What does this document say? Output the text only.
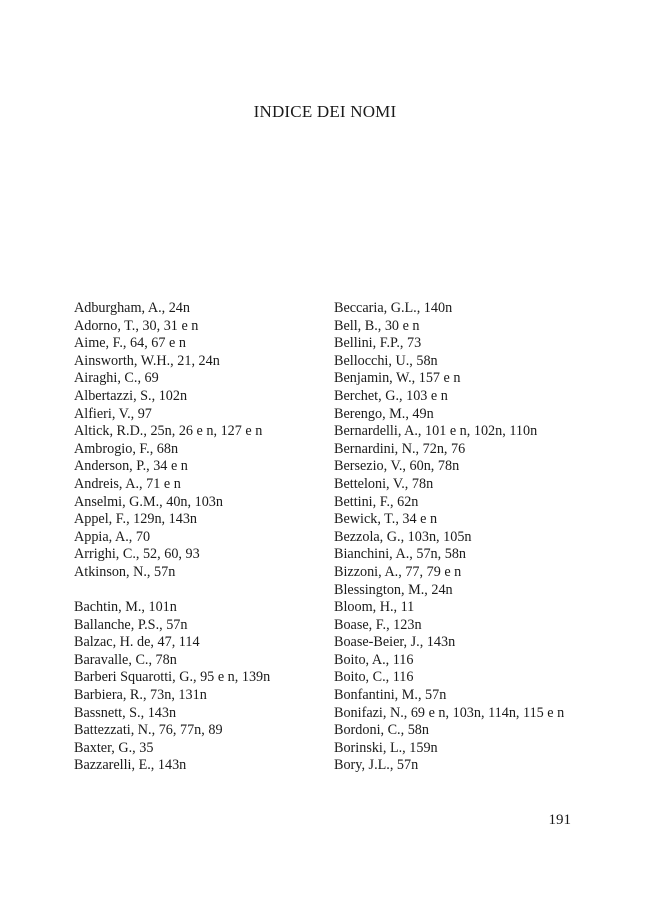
INDICE DEI NOMI
Adburgham, A., 24n
Adorno, T., 30, 31 e n
Aime, F., 64, 67 e n
Ainsworth, W.H., 21, 24n
Airaghi, C., 69
Albertazzi, S., 102n
Alfieri, V., 97
Altick, R.D., 25n, 26 e n, 127 e n
Ambrogio, F., 68n
Anderson, P., 34 e n
Andreis, A., 71 e n
Anselmi, G.M., 40n, 103n
Appel, F., 129n, 143n
Appia, A., 70
Arrighi, C., 52, 60, 93
Atkinson, N., 57n
Bachtin, M., 101n
Ballanche, P.S., 57n
Balzac, H. de, 47, 114
Baravalle, C., 78n
Barberi Squarotti, G., 95 e n, 139n
Barbiera, R., 73n, 131n
Bassnett, S., 143n
Battezzati, N., 76, 77n, 89
Baxter, G., 35
Bazzarelli, E., 143n
Beccaria, G.L., 140n
Bell, B., 30 e n
Bellini, F.P., 73
Bellocchi, U., 58n
Benjamin, W., 157 e n
Berchet, G., 103 e n
Berengo, M., 49n
Bernardelli, A., 101 e n, 102n, 110n
Bernardini, N., 72n, 76
Bersezio, V., 60n, 78n
Betteloni, V., 78n
Bettini, F., 62n
Bewick, T., 34 e n
Bezzola, G., 103n, 105n
Bianchini, A., 57n, 58n
Bizzoni, A., 77, 79 e n
Blessington, M., 24n
Bloom, H., 11
Boase, F., 123n
Boase-Beier, J., 143n
Boito, A., 116
Boito, C., 116
Bonfantini, M., 57n
Bonifazi, N., 69 e n, 103n, 114n, 115 e n
Bordoni, C., 58n
Borinski, L., 159n
Bory, J.L., 57n
191
